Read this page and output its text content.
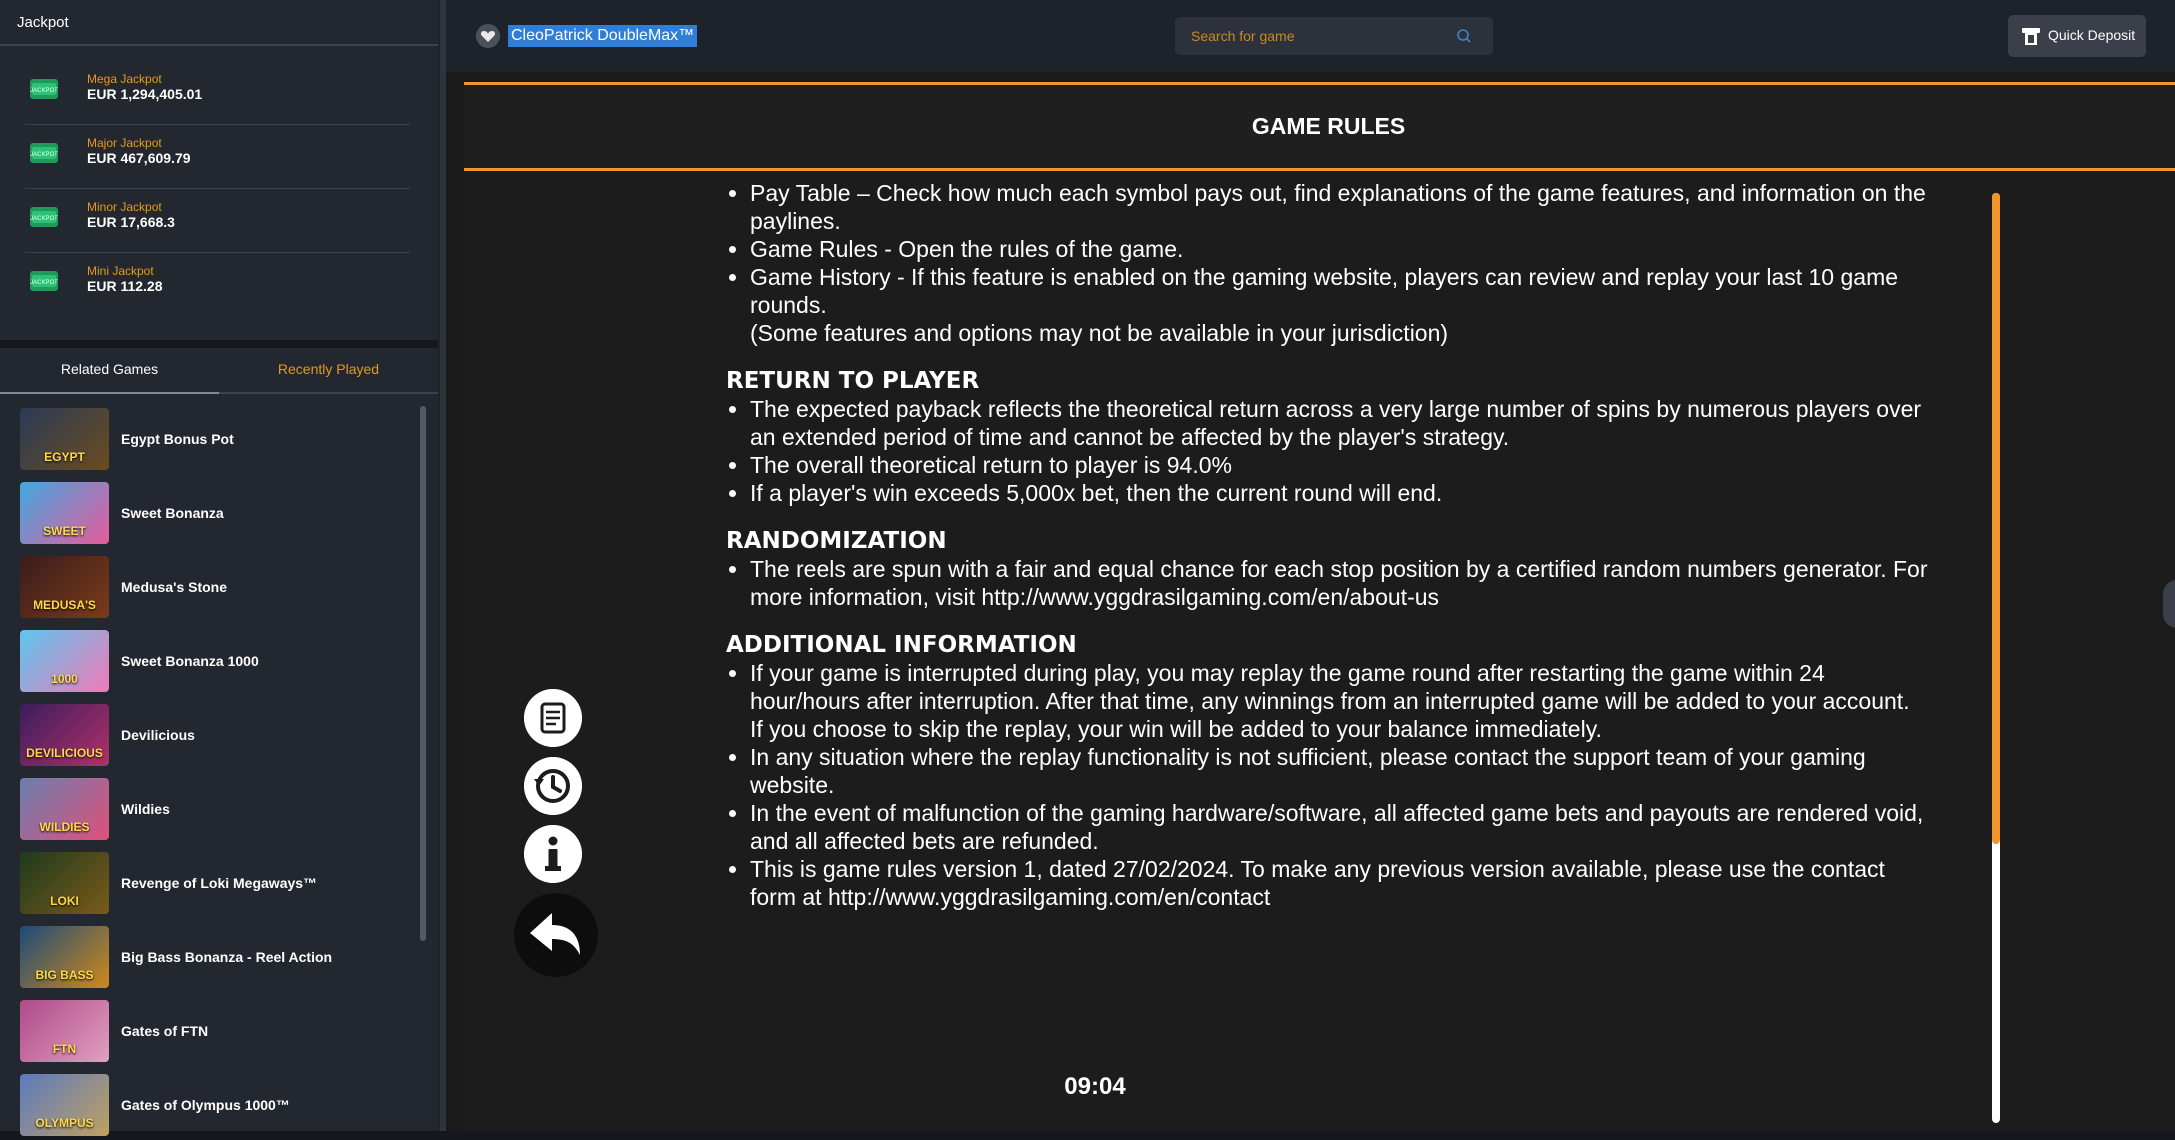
Jackpot
JACKPOT
Mega Jackpot
EUR 1,294,405.01
JACKPOT
Major Jackpot
EUR 467,609.79
JACKPOT
Minor Jackpot
EUR 17,668.3
JACKPOT
Mini Jackpot
EUR 112.28
Related Games	Recently Played
EGYPT
Egypt Bonus Pot
SWEET
Sweet Bonanza
MEDUSA'S
Medusa's Stone
1000
Sweet Bonanza 1000
DEVILICIOUS
Devilicious
WILDIES
Wildies
LOKI
Revenge of Loki Megaways™
BIG BASS
Big Bass Bonanza - Reel Action
FTN
Gates of FTN
OLYMPUS
Gates of Olympus 1000™
CleoPatrick DoubleMax™
Search for game	Quick Deposit
GAME RULES
• Pay Table – Check how much each symbol pays out, find explanations of the game features, and information on the paylines.
• Game Rules - Open the rules of the game.
• Game History - If this feature is enabled on the gaming website, players can review and replay your last 10 game rounds.
(Some features and options may not be available in your jurisdiction)
RETURN TO PLAYER
• The expected payback reflects the theoretical return across a very large number of spins by numerous players over an extended period of time and cannot be affected by the player's strategy.
• The overall theoretical return to player is 94.0%
• If a player's win exceeds 5,000x bet, then the current round will end.
RANDOMIZATION
• The reels are spun with a fair and equal chance for each stop position by a certified random numbers generator. For more information, visit http://www.yggdrasilgaming.com/en/about-us
ADDITIONAL INFORMATION
• If your game is interrupted during play, you may replay the game round after restarting the game within 24 hour/hours after interruption. After that time, any winnings from an interrupted game will be added to your account. If you choose to skip the replay, your win will be added to your balance immediately.
• In any situation where the replay functionality is not sufficient, please contact the support team of your gaming website.
• In the event of malfunction of the gaming hardware/software, all affected game bets and payouts are rendered void, and all affected bets are refunded.
• This is game rules version 1, dated 27/02/2024. To make any previous version available, please use the contact form at http://www.yggdrasilgaming.com/en/contact
09:04
